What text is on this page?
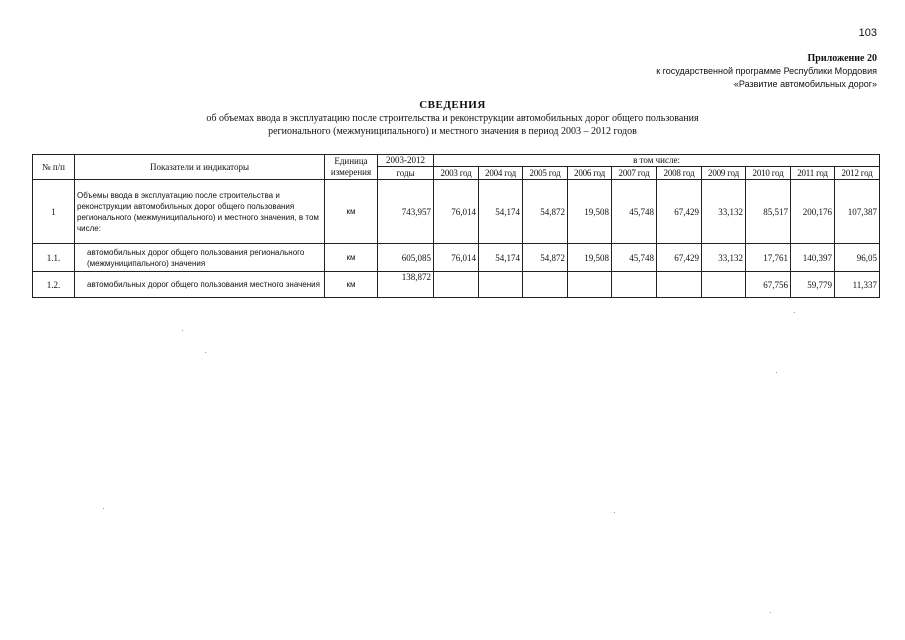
103
Приложение 20
к государственной программе Республики Мордовия
«Развитие автомобильных дорог»
СВЕДЕНИЯ
об объемах ввода в эксплуатацию после строительства и реконструкции автомобильных дорог общего пользования
регионального (межмуниципального) и местного значения в период 2003 – 2012 годов
№ п/п	Показатели и индикаторы	Единица измерения	2003-2012	в том числе:									
			годы	2003 год	2004 год	2005 год	2006 год	2007 год	2008 год	2009 год	2010 год	2011 год	2012 год
1	Объемы ввода в эксплуатацию после строительства и реконструкции автомобильных дорог общего пользования регионального (межмуниципального) и местного значения, в том числе:	км	743,957	76,014	54,174	54,872	19,508	45,748	67,429	33,132	85,517	200,176	107,387
1.1.	автомобильных дорог общего пользования регионального (межмуниципального) значения	км	605,085	76,014	54,174	54,872	19,508	45,748	67,429	33,132	17,761	140,397	96,05
1.2.	автомобильных дорог общего пользования местного значения	км	138,872								67,756	59,779	11,337
